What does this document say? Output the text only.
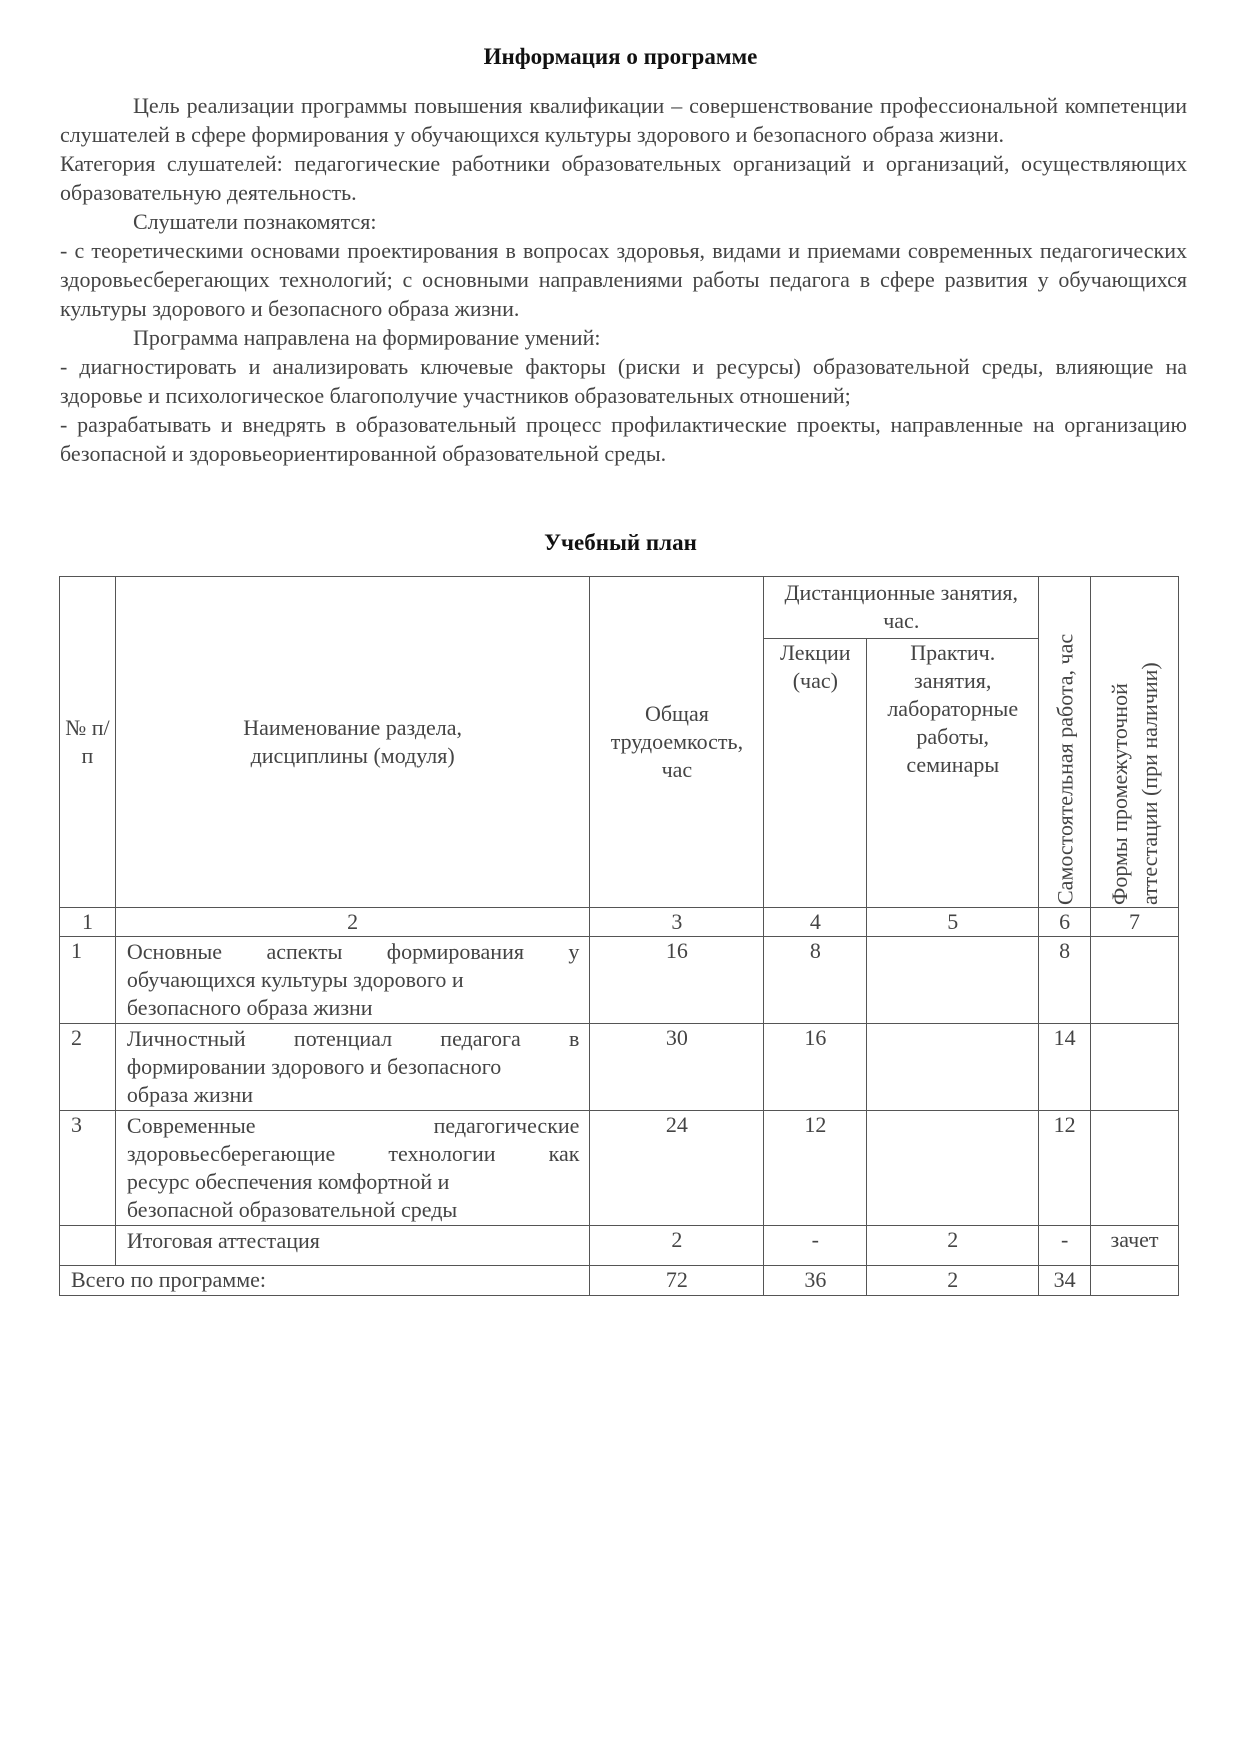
Информация о программе

Цель реализации программы повышения квалификации – совершенствование профессиональной компетенции слушателей в сфере формирования у обучающихся культуры здорового и безопасного образа жизни.

Категория слушателей: педагогические работники образовательных организаций и организаций, осуществляющих образовательную деятельность.

Слушатели познакомятся:

- с теоретическими основами проектирования в вопросах здоровья, видами и приемами современных педагогических здоровьесберегающих технологий; с основными направлениями работы педагога в сфере развития у обучающихся культуры здорового и безопасного образа жизни.

Программа направлена на формирование умений:

- диагностировать и анализировать ключевые факторы (риски и ресурсы) образовательной среды, влияющие на здоровье и психологическое благополучие участников образовательных отношений;

- разрабатывать и внедрять в образовательный процесс профилактические проекты, направленные на организацию безопасной и здоровьеориентированной образовательной среды.

Учебный план
№ п/п	Наименование раздела, дисциплины (модуля)	Общая трудоемкость, час	Дистанционные занятия, час.		Самостоятельная работа, час	Формы промежуточной аттестации (при наличии)

			Лекции (час)	Практич. занятия, лабораторные работы, семинары		
1	2	3	4	5	6	7
1	Основные аспекты формирования у
обучающихся культуры здорового и
безопасного образа жизни	16	8		8	
2	Личностный потенциал педагога в
формировании здорового и безопасного
образа жизни	30	16		14	
3	Современные педагогические
здоровьесберегающие технологии как
ресурс обеспечения комфортной и
безопасной образовательной среды	24	12		12	
	Итоговая аттестация	2	-	2	-	зачет
Всего по программе:		72	36	2	34	
